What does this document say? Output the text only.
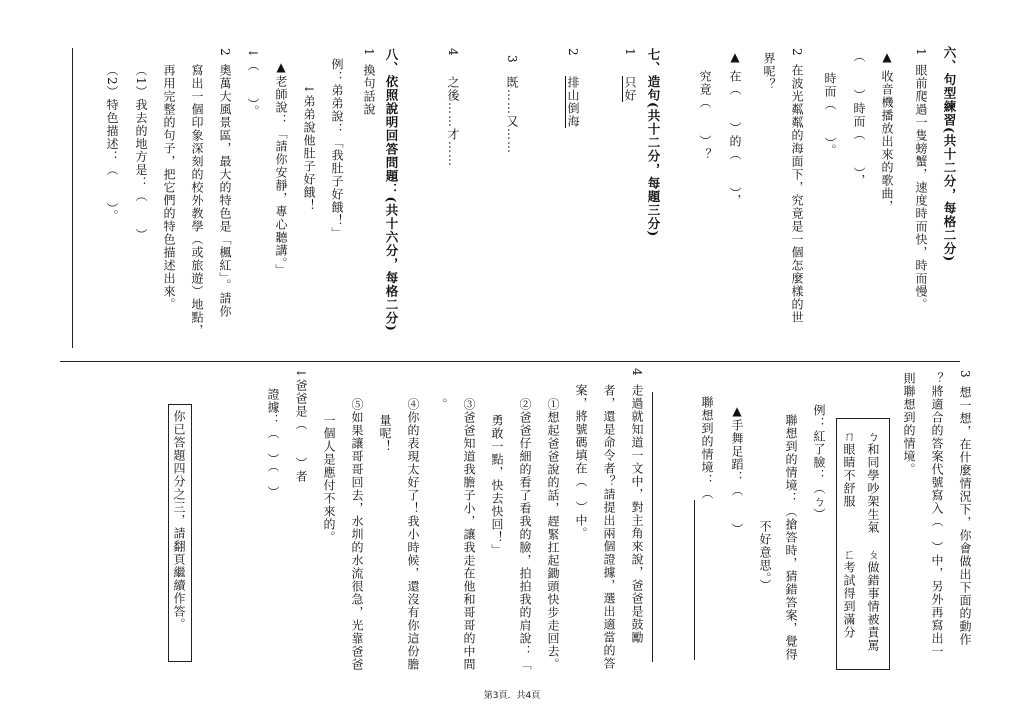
六、句型練習(共十二分，每格二分)
1
眼前爬過一隻螃蟹，速度時而快，時而慢。
▲ 收音機播放出來的歌曲，
（　　）時而（　　），
時而（　　）。
2
在波光粼粼的海面下，究竟是一個怎麼樣的世
界呢？
▲ 在（　　）的（　　），
究竟（　　）？
七、造句(共十二分，每題三分)
1
只好
2
排山倒海
3
既……又……
4
之後……才……
八、依照說明回答問題：(共十六分，每格二分)
1
換句話說
例：弟弟說：「我肚子好餓！」
↓弟弟說他肚子好餓！
▲老師說：「請你安靜，專心聽講。」
↓（　　）。
2
奧萬大風景區，最大的特色是「楓紅」。請你
寫出一個印象深刻的校外教學（或旅遊）地點，
再用完整的句子，把它們的特色描述出來。
（1）我去的地方是：（　　）
（2）特色描述：（　　）。
3
想一想，在什麼情況下，你會做出下面的動作
？將適合的答案代號寫入（　）中，另外再寫出一
則聯想到的情境。
ㄅ和同學吵架生氣
ㄆ做錯事情被責罵
ㄇ眼睛不舒服
ㄈ考試得到滿分
例：紅了臉：（ㄅ）
聯想到的情境：（搶答時，猜錯答案，覺得
不好意思。）
▲手舞足蹈：（　　）
聯想到的情境：（
4
走過就知道一文中，對主角來說，爸爸是鼓勵
者，還是命令者？請提出兩個證據，選出適當的答
案，將號碼填在（　）中。
①想起爸爸說的話，趕緊扛起鋤頭快步走回去。
②爸爸仔細的看了看我的臉，拍拍我的肩說：「
勇敢一點，快去快回！」
③爸爸知道我膽子小，讓我走在他和哥哥的中間
。
④你的表現太好了！我小時候，還沒有你這份膽
量呢！
⑤如果讓哥哥回去，水圳的水流很急，光靠爸爸
一個人是應付不來的。
↓爸爸是（　　）者
證據：（　）（　）
你已答題四分之三，請翻頁繼續作答。
第3頁．共4頁
